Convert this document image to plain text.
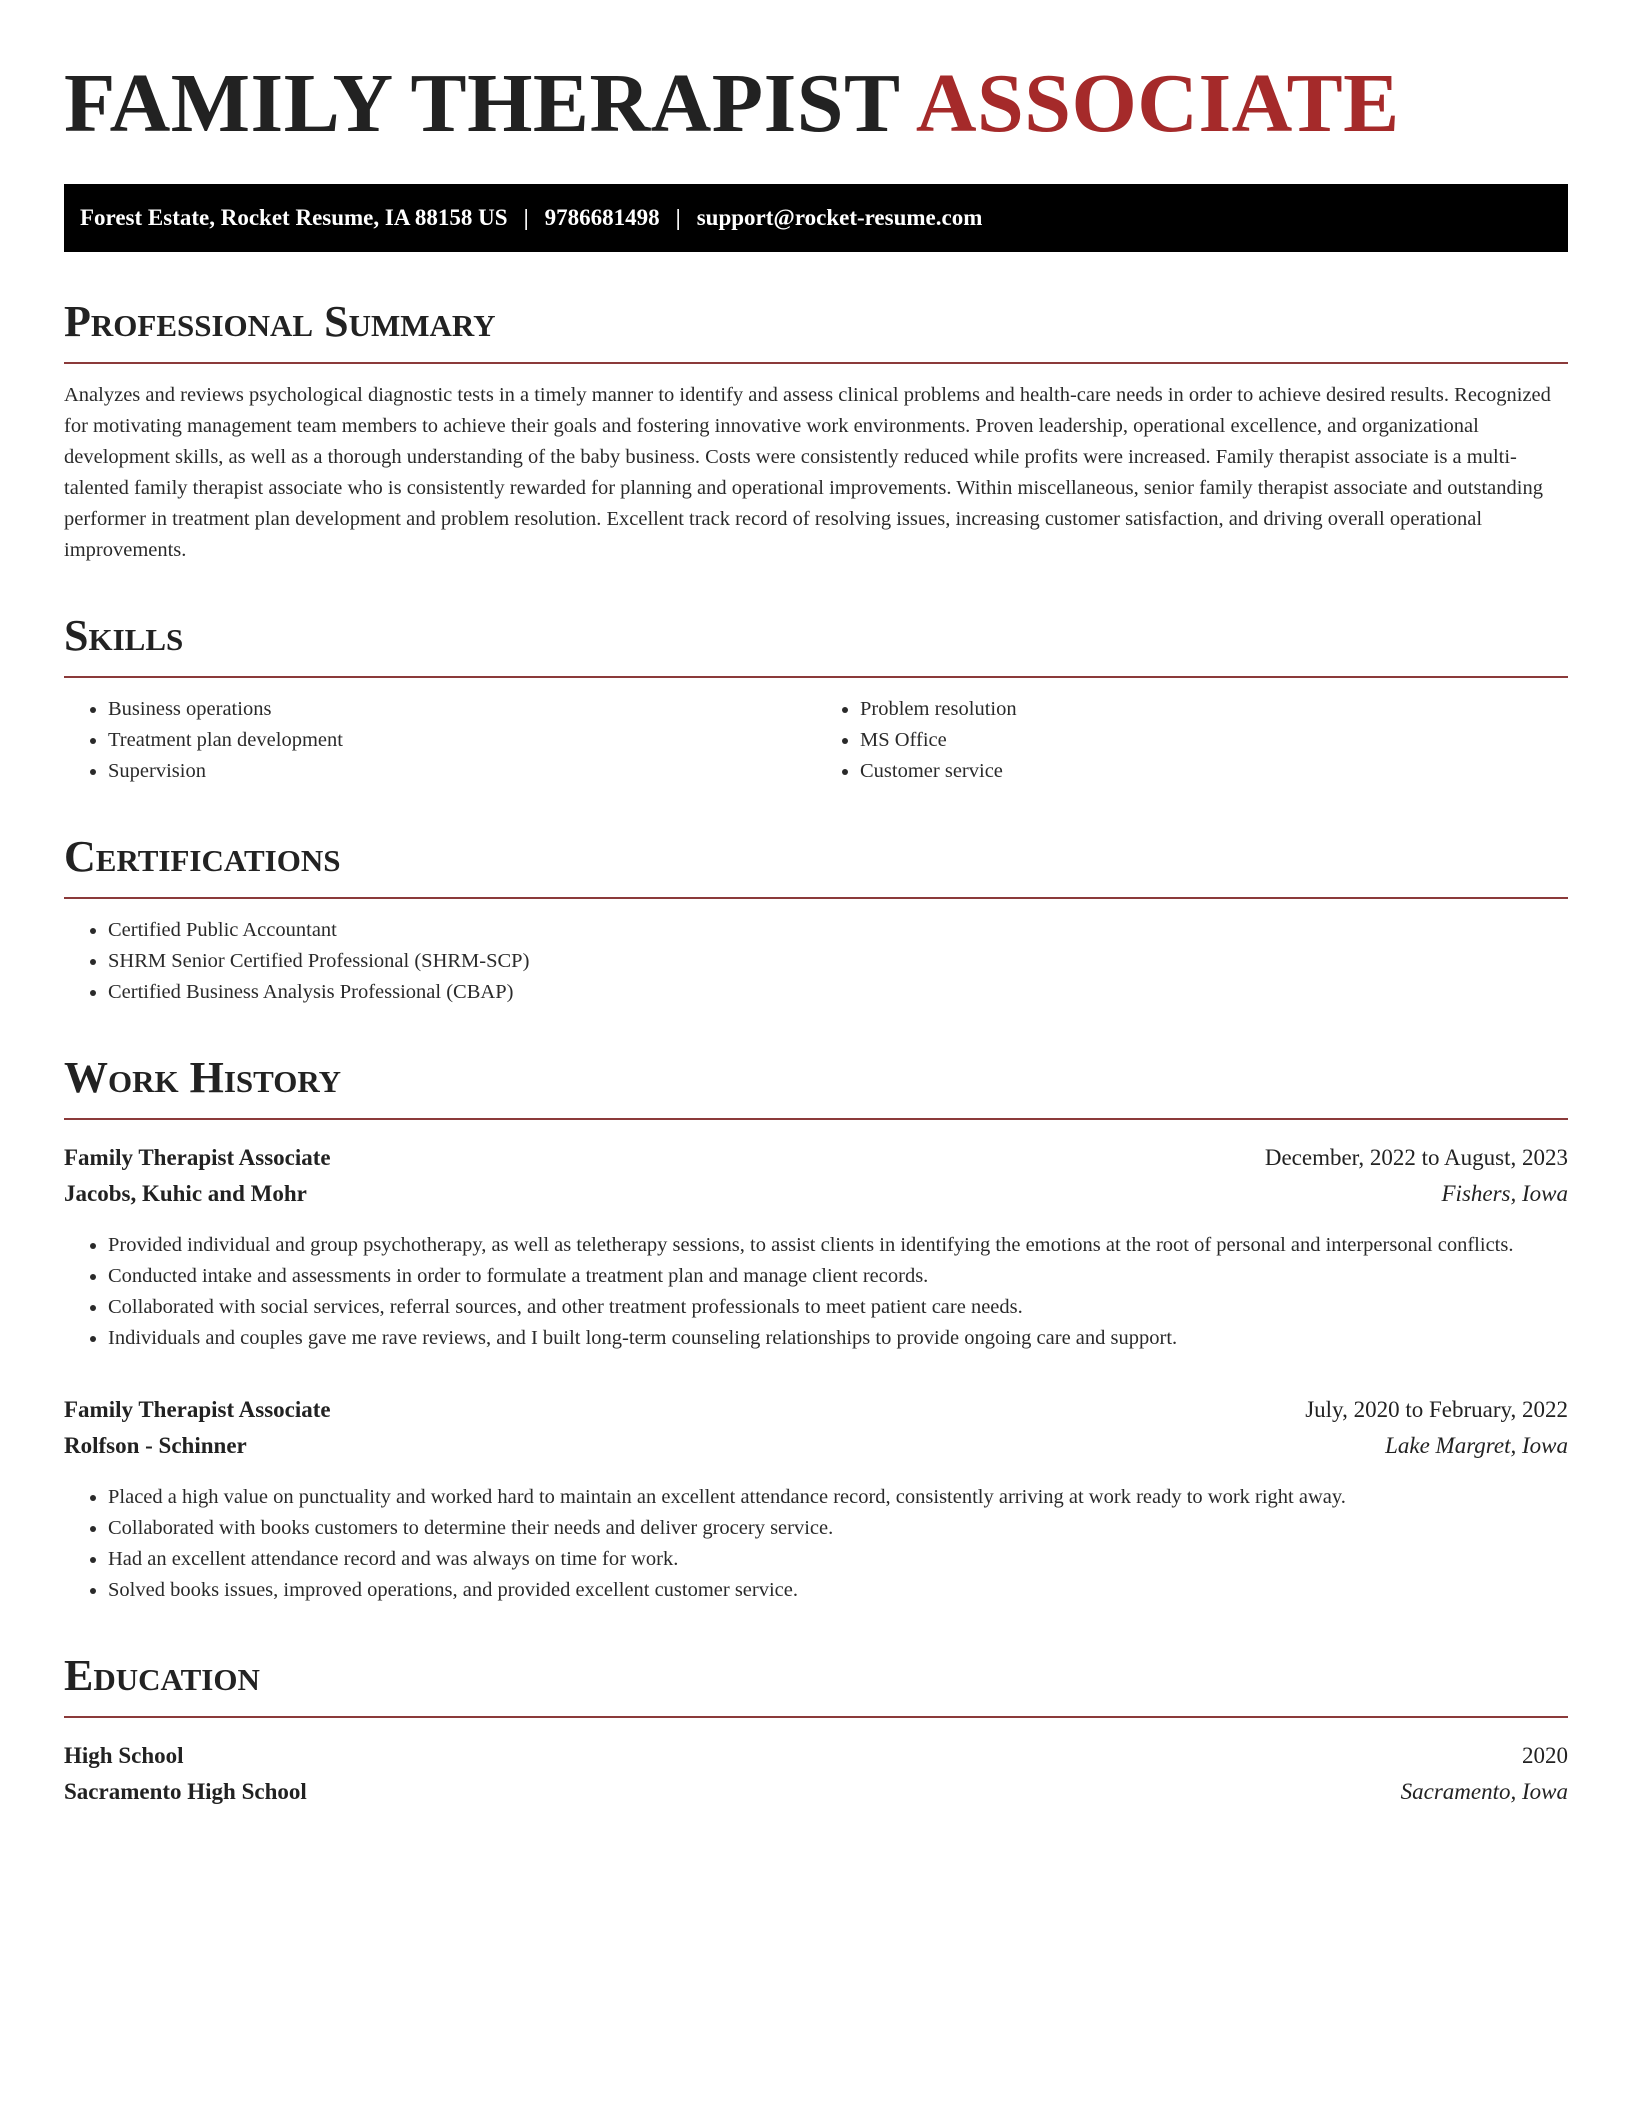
FAMILY THERAPIST ASSOCIATE
Forest Estate, Rocket Resume, IA 88158 US | 9786681498 | support@rocket-resume.com
Professional Summary
Analyzes and reviews psychological diagnostic tests in a timely manner to identify and assess clinical problems and health-care needs in order to achieve desired results. Recognized for motivating management team members to achieve their goals and fostering innovative work environments. Proven leadership, operational excellence, and organizational development skills, as well as a thorough understanding of the baby business. Costs were consistently reduced while profits were increased. Family therapist associate is a multi-talented family therapist associate who is consistently rewarded for planning and operational improvements. Within miscellaneous, senior family therapist associate and outstanding performer in treatment plan development and problem resolution. Excellent track record of resolving issues, increasing customer satisfaction, and driving overall operational improvements.
Skills
• Business operations
• Treatment plan development
• Supervision
• Problem resolution
• MS Office
• Customer service
Certifications
• Certified Public Accountant
• SHRM Senior Certified Professional (SHRM-SCP)
• Certified Business Analysis Professional (CBAP)
Work History
Family Therapist Associate	December, 2022 to August, 2023
Jacobs, Kuhic and Mohr	Fishers, Iowa
• Provided individual and group psychotherapy, as well as teletherapy sessions, to assist clients in identifying the emotions at the root of personal and interpersonal conflicts.
• Conducted intake and assessments in order to formulate a treatment plan and manage client records.
• Collaborated with social services, referral sources, and other treatment professionals to meet patient care needs.
• Individuals and couples gave me rave reviews, and I built long-term counseling relationships to provide ongoing care and support.
Family Therapist Associate	July, 2020 to February, 2022
Rolfson - Schinner	Lake Margret, Iowa
• Placed a high value on punctuality and worked hard to maintain an excellent attendance record, consistently arriving at work ready to work right away.
• Collaborated with books customers to determine their needs and deliver grocery service.
• Had an excellent attendance record and was always on time for work.
• Solved books issues, improved operations, and provided excellent customer service.
Education
High School	2020
Sacramento High School	Sacramento, Iowa
